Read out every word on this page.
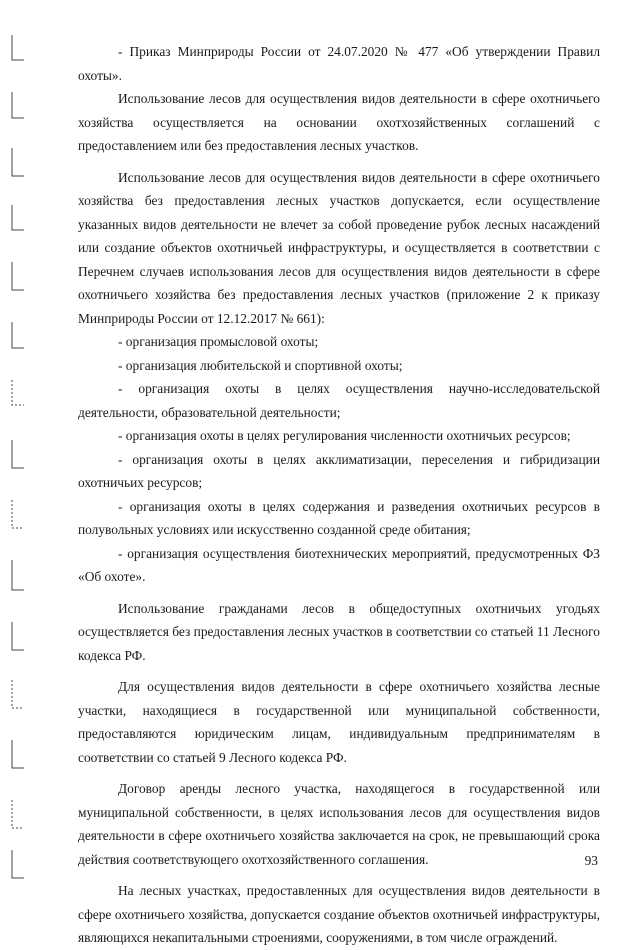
- Приказ Минприроды России от 24.07.2020 № 477 «Об утверждении Правил охоты».

Использование лесов для осуществления видов деятельности в сфере охотничьего хозяйства осуществляется на основании охотхозяйственных соглашений с предоставлением или без предоставления лесных участков.

Использование лесов для осуществления видов деятельности в сфере охотничьего хозяйства без предоставления лесных участков допускается, если осуществление указанных видов деятельности не влечет за собой проведение рубок лесных насаждений или создание объектов охотничьей инфраструктуры, и осуществляется в соответствии с Перечнем случаев использования лесов для осуществления видов деятельности в сфере охотничьего хозяйства без предоставления лесных участков (приложение 2 к приказу Минприроды России от 12.12.2017 № 661):

- организация промысловой охоты;

- организация любительской и спортивной охоты;

- организация охоты в целях осуществления научно-исследовательской деятельности, образовательной деятельности;

- организация охоты в целях регулирования численности охотничьих ресурсов;

- организация охоты в целях акклиматизации, переселения и гибридизации охотничьих ресурсов;

- организация охоты в целях содержания и разведения охотничьих ресурсов в полувольных условиях или искусственно созданной среде обитания;

- организация осуществления биотехнических мероприятий, предусмотренных ФЗ «Об охоте».

Использование гражданами лесов в общедоступных охотничьих угодьях осуществляется без предоставления лесных участков в соответствии со статьей 11 Лесного кодекса РФ.

Для осуществления видов деятельности в сфере охотничьего хозяйства лесные участки, находящиеся в государственной или муниципальной собственности, предоставляются юридическим лицам, индивидуальным предпринимателям в соответствии со статьей 9 Лесного кодекса РФ.

Договор аренды лесного участка, находящегося в государственной или муниципальной собственности, в целях использования лесов для осуществления видов деятельности в сфере охотничьего хозяйства заключается на срок, не превышающий срока действия соответствующего охотхозяйственного соглашения.

На лесных участках, предоставленных для осуществления видов деятельности в сфере охотничьего хозяйства, допускается создание объектов охотничьей инфраструктуры, являющихся некапитальными строениями, сооружениями, в том числе ограждений.

93
